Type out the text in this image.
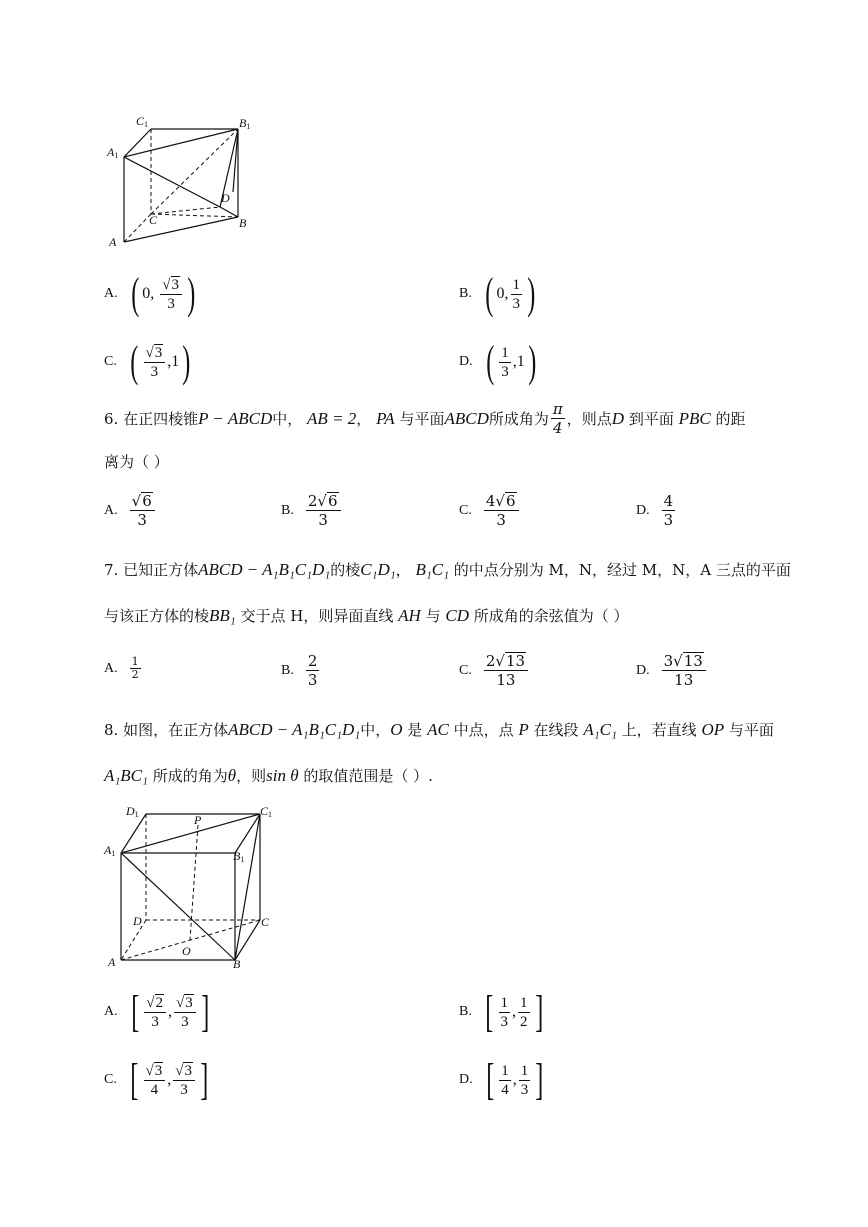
C1	B1
A1
D
C	B
A
A. ( 0 , $\frac{√ 3}{3}$ )	B. ( 0 , $\frac{1}{3}$ )
C. ( $\frac{√ 3}{3}$ , 1 )	D. ( $\frac{1}{3}$ , 1 )
6.
在正四棱锥 P − ABCD 中，
AB = 2 ，
PA
与平面 ABCD 所成角为 $\frac{\pi}{4}$ ，则点 D
到平面
PBC
的距
离为（ ）
A. $\frac{√ 6}{3}$	B. $\frac{2 √ 6}{3}$	C. $\frac{4 √ 6}{3}$	D. $\frac{4}{3}$
7.
已知正方体 ABCD − A₁B₁C₁D₁ 的棱 C₁D₁ ，
B₁C₁
的中点分别为 M，N，经过 M，N，A 三点的平面
与该正方体的棱 BB₁
交于点 H，则异面直线
AH
与
CD
所成角的余弦值为（ ）
A. $\frac{1}{2}$	B. $\frac{2}{3}$	C. $\frac{2 √ 13}{13}$	D. $\frac{3 √ 13}{13}$
8.
如图，在正方体 ABCD − A₁B₁C₁D₁ 中， O
是
AC
中点，点
P
在线段
A₁C₁
上，若直线
OP
与平面
A₁BC₁
所成的角为 θ ，则 sin θ
的取值范围是（ ）.
D1	P
C1
A1	B1
D	C
O
A	B
A. [ $\frac{√ 2}{3}$ , $\frac{√ 3}{3}$ ]	B. [ $\frac{1}{3}$ , $\frac{1}{2}$ ]
C. [ $\frac{√ 3}{4}$ , $\frac{√ 3}{3}$ ]	D. [ $\frac{1}{4}$ , $\frac{1}{3}$ ]
